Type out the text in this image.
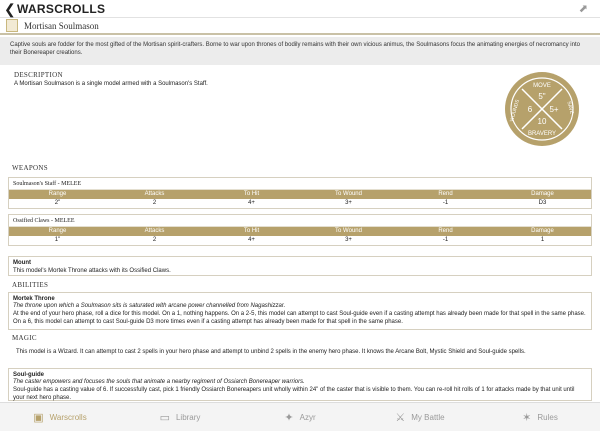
❮ WARSCROLLS	⬈
Mortisan Soulmason
Captive souls are fodder for the most gifted of the Mortisan spirit-crafters. Borne to war upon thrones of bodily remains with their own vicious animus, the Soulmasons focus the animating energies of necromancy into their Bonereaper creations.
DESCRIPTION

A Mortisan Soulmason is a single model armed with a Soulmason's Staff.	MOVE
5"
6 5+
10
BRAVERY
WOUNDS	SAVE
WEAPONS
Soulmason's Staff - MELEE
Range	Attacks	To Hit	To Wound	Rend	Damage
2"	2	4+	3+	-1	D3
Ossified Claws - MELEE
Range	Attacks	To Hit	To Wound	Rend	Damage
1"	2	4+	3+	-1	1
Mount
This model's Mortek Throne attacks with its Ossified Claws.
ABILITIES
Mortek Throne
The throne upon which a Soulmason sits is saturated with arcane power channelled from Nagashizzar.
At the end of your hero phase, roll a dice for this model. On a 1, nothing happens. On a 2-5, this model can attempt to cast Soul-guide even if a casting attempt has already been made for that spell in the same phase. On a 6, this model can attempt to cast Soul-guide D3 more times even if a casting attempt has already been made for that spell in the same phase.
MAGIC
This model is a Wizard. It can attempt to cast 2 spells in your hero phase and attempt to unbind 2 spells in the enemy hero phase. It knows the Arcane Bolt, Mystic Shield and Soul-guide spells.
Soul-guide
The caster empowers and focuses the souls that animate a nearby regiment of Ossiarch Bonereaper warriors.
Soul-guide has a casting value of 6. If successfully cast, pick 1 friendly Ossiarch Bonereapers unit wholly within 24" of the caster that is visible to them. You can re-roll hit rolls of 1 for attacks made by that unit until your next hero phase.
▣ Warscrolls	▭ Library	✦ Azyr	⚔ My Battle	✶ Rules
